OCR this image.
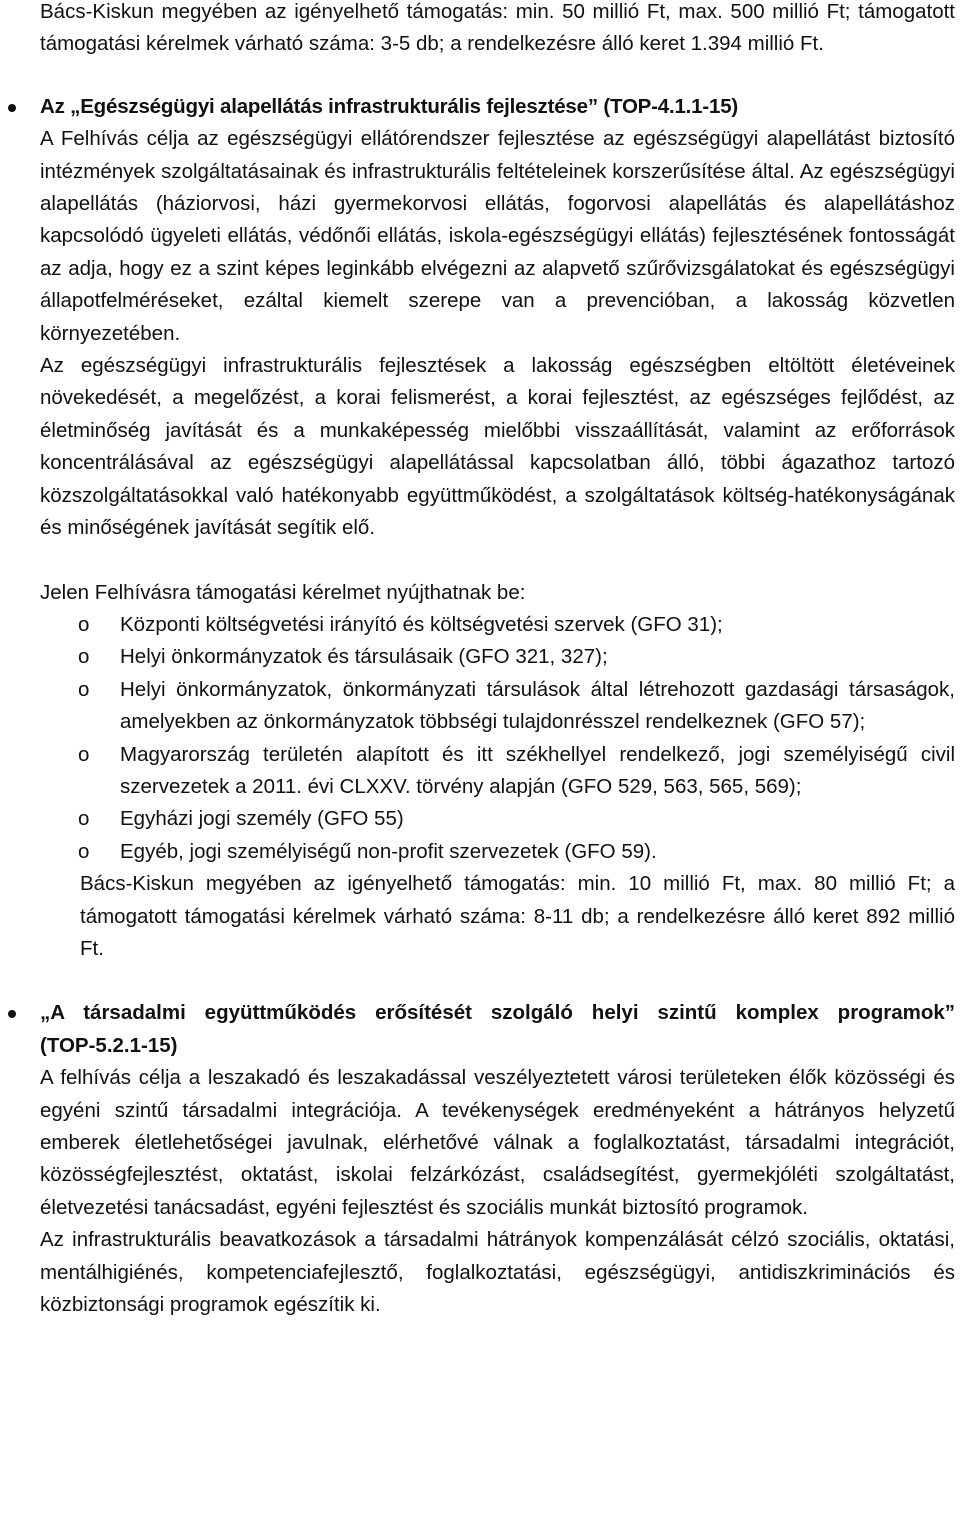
Bács-Kiskun megyében az igényelhető támogatás: min. 50 millió Ft, max. 500 millió Ft; támogatott támogatási kérelmek várható száma: 3-5 db; a rendelkezésre álló keret 1.394 millió Ft.

Az „Egészségügyi alapellátás infrastrukturális fejlesztése” (TOP-4.1.1-15)

A Felhívás célja az egészségügyi ellátórendszer fejlesztése az egészségügyi alapellátást biztosító intézmények szolgáltatásainak és infrastrukturális feltételeinek korszerűsítése által. Az egészségügyi alapellátás (háziorvosi, házi gyermekorvosi ellátás, fogorvosi alapellátás és alapellátáshoz kapcsolódó ügyeleti ellátás, védőnői ellátás, iskola-egészségügyi ellátás) fejlesztésének fontosságát az adja, hogy ez a szint képes leginkább elvégezni az alapvető szűrővizsgálatokat és egészségügyi állapotfelméréseket, ezáltal kiemelt szerepe van a prevencióban, a lakosság közvetlen környezetében.

Az egészségügyi infrastrukturális fejlesztések a lakosság egészségben eltöltött életéveinek növekedését, a megelőzést, a korai felismerést, a korai fejlesztést, az egészséges fejlődést, az életminőség javítását és a munkaképesség mielőbbi visszaállítását, valamint az erőforrások koncentrálásával az egészségügyi alapellátással kapcsolatban álló, többi ágazathoz tartozó közszolgáltatásokkal való hatékonyabb együttműködést, a szolgáltatások költség-hatékonyságának és minőségének javítását segítik elő.

Jelen Felhívásra támogatási kérelmet nyújthatnak be:

o Központi költségvetési irányító és költségvetési szervek (GFO 31);
o Helyi önkormányzatok és társulásaik (GFO 321, 327);
o Helyi önkormányzatok, önkormányzati társulások által létrehozott gazdasági társaságok, amelyekben az önkormányzatok többségi tulajdonrésszel rendelkeznek (GFO 57);
o Magyarország területén alapított és itt székhellyel rendelkező, jogi személyiségű civil szervezetek a 2011. évi CLXXV. törvény alapján (GFO 529, 563, 565, 569);
o Egyházi jogi személy (GFO 55)
o Egyéb, jogi személyiségű non-profit szervezetek (GFO 59).

Bács-Kiskun megyében az igényelhető támogatás: min. 10 millió Ft, max. 80 millió Ft; a támogatott támogatási kérelmek várható száma: 8-11 db; a rendelkezésre álló keret 892 millió Ft.

„A társadalmi együttműködés erősítését szolgáló helyi szintű komplex programok”

(TOP-5.2.1-15)

A felhívás célja a leszakadó és leszakadással veszélyeztetett városi területeken élők közösségi és egyéni szintű társadalmi integrációja. A tevékenységek eredményeként a hátrányos helyzetű emberek életlehetőségei javulnak, elérhetővé válnak a foglalkoztatást, társadalmi integrációt, közösségfejlesztést, oktatást, iskolai felzárkózást, családsegítést, gyermekjóléti szolgáltatást, életvezetési tanácsadást, egyéni fejlesztést és szociális munkát biztosító programok.

Az infrastrukturális beavatkozások a társadalmi hátrányok kompenzálását célzó szociális, oktatási, mentálhigiénés, kompetenciafejlesztő, foglalkoztatási, egészségügyi, antidiszkriminációs és közbiztonsági programok egészítik ki.
